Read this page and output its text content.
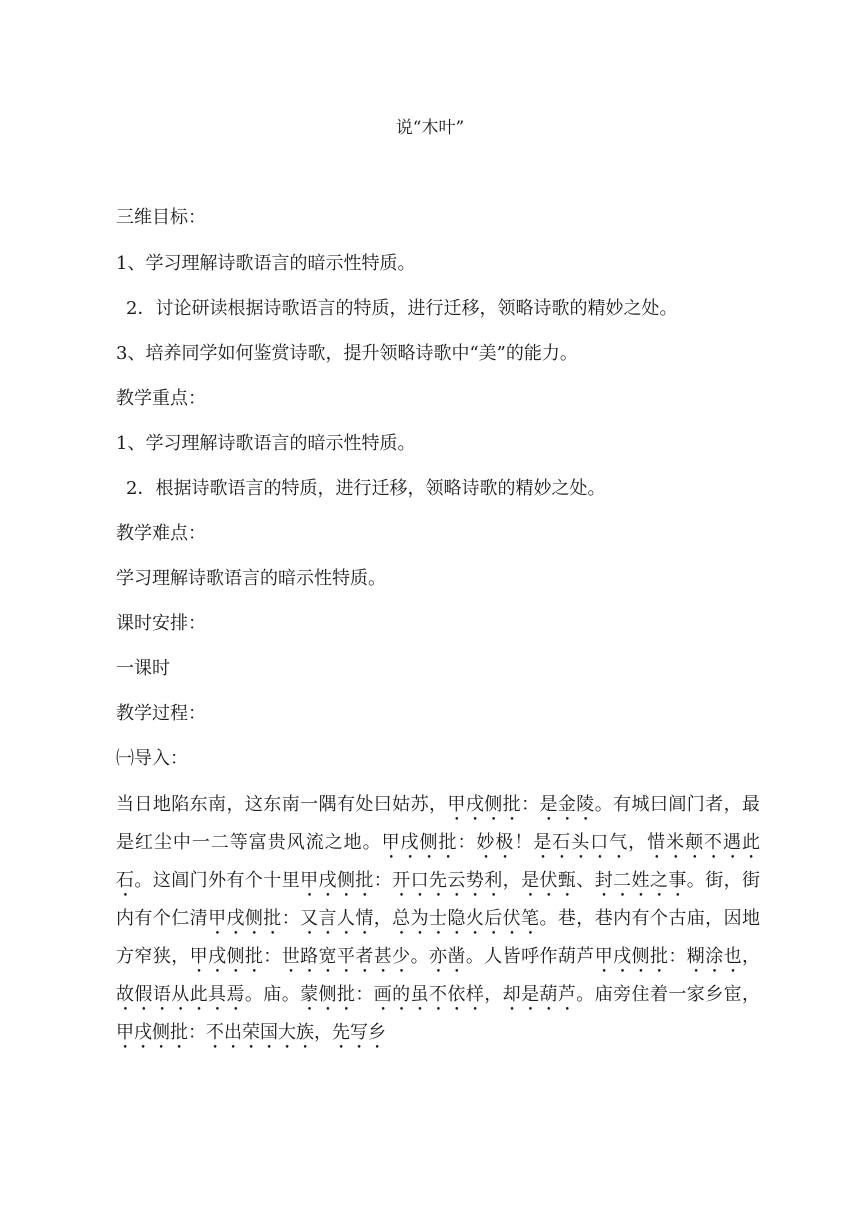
说“木叶”
三维目标：
1、学习理解诗歌语言的暗示性特质。
2．讨论研读根据诗歌语言的特质，进行迁移，领略诗歌的精妙之处。
3、培养同学如何鉴赏诗歌，提升领略诗歌中“美”的能力。
教学重点：
1、学习理解诗歌语言的暗示性特质。
2．根据诗歌语言的特质，进行迁移，领略诗歌的精妙之处。
教学难点：
学习理解诗歌语言的暗示性特质。
课时安排：
一课时
教学过程：
㈠导入：
当日地陷东南，这东南一隅有处曰姑苏，甲戌侧批：是金陵。有城曰阊门者，最是红尘中一二等富贵风流之地。甲戌侧批：妙极！是石头口气，惜米颠不遇此石。这阊门外有个十里甲戌侧批：开口先云势利，是伏甄、封二姓之事。街，街内有个仁清甲戌侧批：又言人情，总为士隐火后伏笔。巷，巷内有个古庙，因地方窄狭，甲戌侧批：世路宽平者甚少。亦凿。人皆呼作葫芦甲戌侧批：糊涂也，故假语从此具焉。庙。蒙侧批：画的虽不依样，却是葫芦。庙旁住着一家乡宦，甲戌侧批：不出荣国大族，先写乡
